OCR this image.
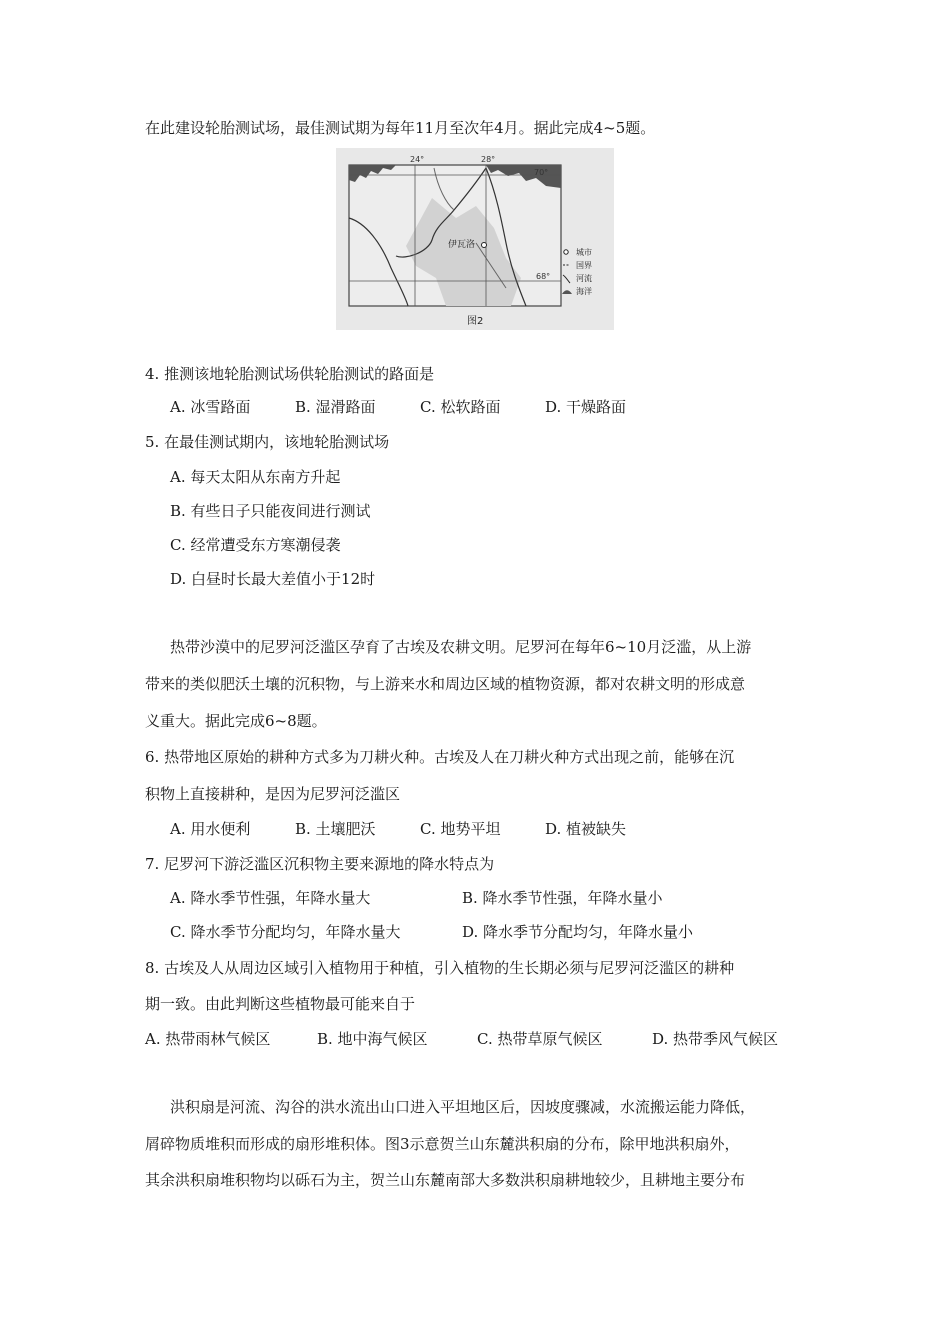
在此建设轮胎测试场，最佳测试期为每年11月至次年4月。据此完成4~5题。
24°	28°
70°
68°
伊瓦洛
城市
国界
河流
海洋
图2
4. 推测该地轮胎测试场供轮胎测试的路面是
A. 冰雪路面	B. 湿滑路面	C. 松软路面	D. 干燥路面
5. 在最佳测试期内，该地轮胎测试场
A. 每天太阳从东南方升起
B. 有些日子只能夜间进行测试
C. 经常遭受东方寒潮侵袭
D. 白昼时长最大差值小于12时
热带沙漠中的尼罗河泛滥区孕育了古埃及农耕文明。尼罗河在每年6~10月泛滥，从上游
带来的类似肥沃土壤的沉积物，与上游来水和周边区域的植物资源，都对农耕文明的形成意
义重大。据此完成6~8题。
6. 热带地区原始的耕种方式多为刀耕火种。古埃及人在刀耕火种方式出现之前，能够在沉
积物上直接耕种，是因为尼罗河泛滥区
A. 用水便利	B. 土壤肥沃	C. 地势平坦	D. 植被缺失
7. 尼罗河下游泛滥区沉积物主要来源地的降水特点为
A. 降水季节性强，年降水量大	B. 降水季节性强，年降水量小
C. 降水季节分配均匀，年降水量大	D. 降水季节分配均匀，年降水量小
8. 古埃及人从周边区域引入植物用于种植，引入植物的生长期必须与尼罗河泛滥区的耕种
期一致。由此判断这些植物最可能来自于
A. 热带雨林气候区	B. 地中海气候区	C. 热带草原气候区	D. 热带季风气候区
洪积扇是河流、沟谷的洪水流出山口进入平坦地区后，因坡度骤减，水流搬运能力降低，
屑碎物质堆积而形成的扇形堆积体。图3示意贺兰山东麓洪积扇的分布，除甲地洪积扇外，
其余洪积扇堆积物均以砾石为主，贺兰山东麓南部大多数洪积扇耕地较少，且耕地主要分布
